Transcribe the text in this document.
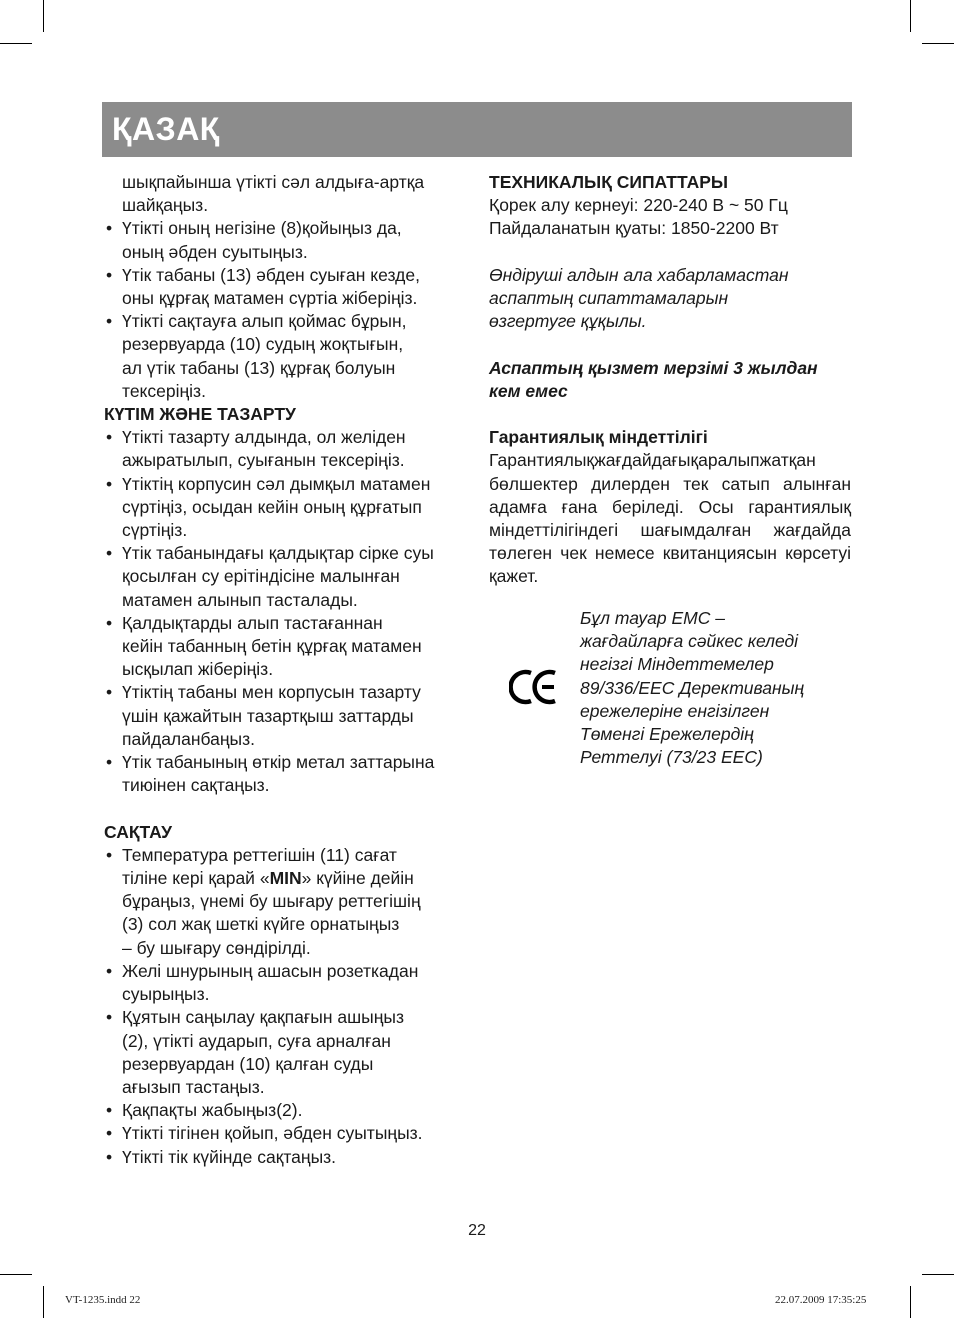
ҚАЗАҚ

шықпайынша үтікті сәл алдыға-артқа

шайқаңыз.

• Үтікті оның негізіне (8)қойыңыз да,
оның әбден суытыңыз.
• Үтік табаны (13) әбден суыған кезде,
оны құрғақ матамен сүртіа жіберіңіз.
• Үтікті сақтауға алып қоймас бұрын,
резервуарда (10) судың жоқтығын,
ал үтік табаны (13) құрғақ болуын
тексеріңіз.

КҮТІМ ЖӘНЕ ТАЗАРТУ

• Үтікті тазарту алдында, ол желіден
ажыратылып, суығанын тексеріңіз.
• Үтіктің корпусин сәл дымқыл матамен
сүртіңіз, осыдан кейін оның құрғатып
сүртіңіз.
• Үтік табанындағы қалдықтар сірке суы
қосылған су ерітіндісіне малынған
матамен алынып тасталады.
• Қалдықтарды алып тастағаннан
кейін табанның бетін құрғақ матамен
ысқылап жіберіңіз.
• Үтіктің табаны мен корпусын тазарту
үшін қажайтын тазартқыш заттарды
пайдаланбаңыз.
• Үтік табанының өткір метал заттарына
тиюінен сақтаңыз.

САҚТАУ

• Температура реттегішін (11) сағат
тіліне кері қарай «MIN» күйіне дейін
бұраңыз, үнемі бу шығару реттегішің
(3) сол жақ шеткі күйге орнатыңыз
– бу шығару сөндірілді.
• Желі шнурының ашасын розеткадан
суырыңыз.
• Құятын саңылау қақпағын ашыңыз
(2), үтікті аударып, суға арналған
резервуардан (10) қалған суды
ағызып тастаңыз.
• Қақпақты жабыңыз(2).
• Үтікті тігінен қойып, әбден суытыңыз.
• Үтікті тік күйінде сақтаңыз.

ТЕХНИКАЛЫҚ СИПАТТАРЫ

Қорек алу кернеуі: 220-240 В ~ 50 Гц

Пайдаланатын қуаты: 1850-2200 Вт

Өндіруші алдын ала хабарламастан

аспаптың сипаттамаларын

өзгертуге құқылы.

Аспаптың қызмет мерзімі 3 жылдан

кем емес

Гарантиялық міндеттілігі

Гарантиялықжағдайдағықаралыпжатқан бөлшектер дилерден тек сатып алынған адамға ғана беріледі. Осы гарантиялық міндеттілігіндегі шағымдалған жағдайда төлеген чек немесе квитанциясын көрсетуі қажет.

Бұл тауар ЕМС –
жағдайларға сәйкес келеді
негізгі Міндеттемелер
89/336/ЕЕС Дерективаның
ережелеріне енгізілген
Төменгі Ережелердің
Реттелуі (73/23 ЕЕС)
22
VT-1235.indd 22	22.07.2009 17:35:25
